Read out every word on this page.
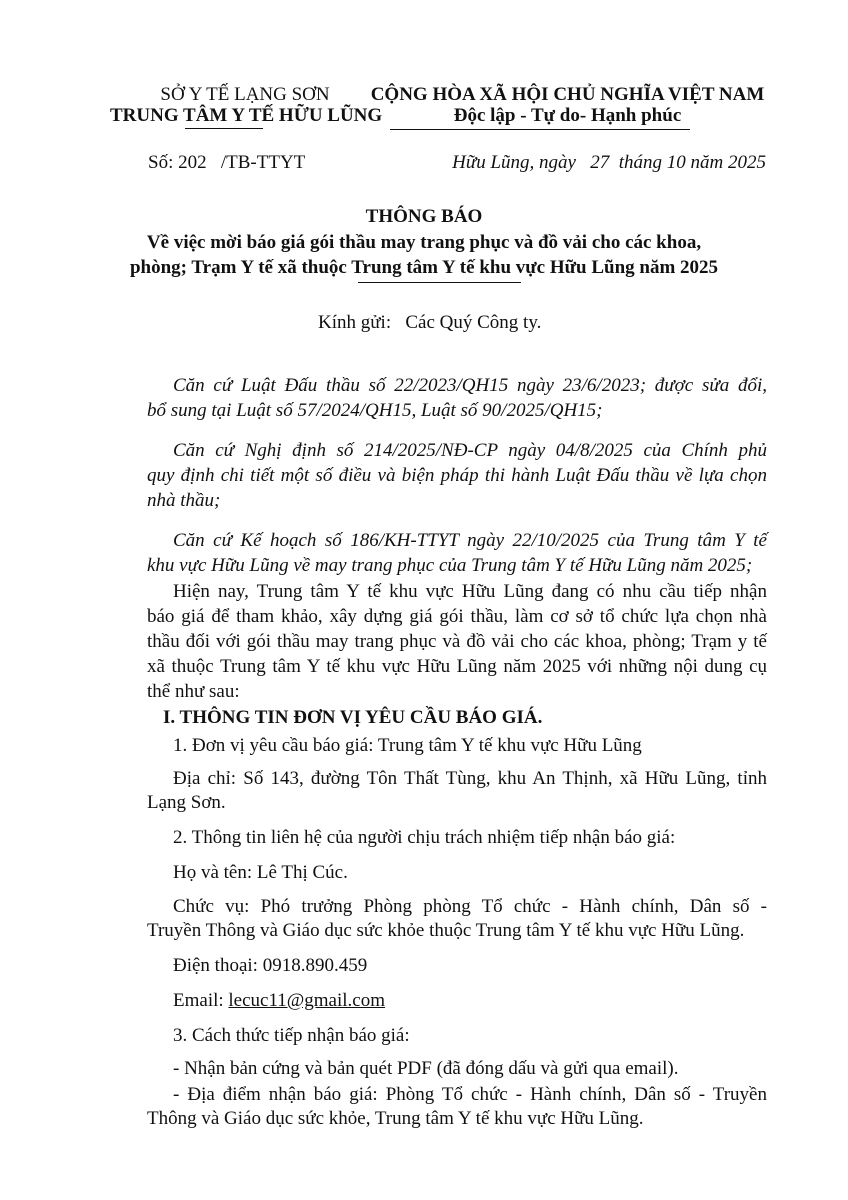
SỞ Y TẾ LẠNG SƠN
TRUNG TÂM Y TẾ HỮU LŨNG
CỘNG HÒA XÃ HỘI CHỦ NGHĨA VIỆT NAM
Độc lập - Tự do- Hạnh phúc
Số: 202   /TB-TTYT	Hữu Lũng, ngày   27  tháng 10 năm 2025
THÔNG BÁO
Về việc mời báo giá gói thầu may trang phục và đồ vải cho các khoa,
phòng; Trạm Y tế xã thuộc Trung tâm Y tế khu vực Hữu Lũng năm 2025
Kính gửi:   Các Quý Công ty.
Căn cứ Luật Đấu thầu số 22/2023/QH15 ngày 23/6/2023; được sửa đổi,
bổ sung tại Luật số 57/2024/QH15, Luật số 90/2025/QH15;
Căn cứ Nghị định số 214/2025/NĐ-CP ngày 04/8/2025 của Chính phủ
quy định chi tiết một số điều và biện pháp thi hành Luật Đấu thầu về lựa chọn
nhà thầu;
Căn cứ Kế hoạch số 186/KH-TTYT ngày 22/10/2025 của Trung tâm Y tế
khu vực Hữu Lũng về may trang phục của Trung tâm Y tế Hữu Lũng năm 2025;
Hiện nay, Trung tâm Y tế khu vực Hữu Lũng đang có nhu cầu tiếp nhận
báo giá để tham khảo, xây dựng giá gói thầu, làm cơ sở tổ chức lựa chọn nhà
thầu đối với gói thầu may trang phục và đồ vải cho các khoa, phòng; Trạm y tế
xã thuộc Trung tâm Y tế khu vực Hữu Lũng năm 2025 với những nội dung cụ
thể như sau:
I. THÔNG TIN ĐƠN VỊ YÊU CẦU BÁO GIÁ.
1. Đơn vị yêu cầu báo giá: Trung tâm Y tế khu vực Hữu Lũng
Địa chỉ: Số 143, đường Tôn Thất Tùng, khu An Thịnh, xã Hữu Lũng, tỉnh
Lạng Sơn.
2. Thông tin liên hệ của người chịu trách nhiệm tiếp nhận báo giá:
Họ và tên: Lê Thị Cúc.
Chức vụ: Phó trưởng Phòng phòng Tổ chức - Hành chính, Dân số -
Truyền Thông và Giáo dục sức khỏe thuộc Trung tâm Y tế khu vực Hữu Lũng.
Điện thoại: 0918.890.459
Email: lecuc11@gmail.com
3. Cách thức tiếp nhận báo giá:
- Nhận bản cứng và bản quét PDF (đã đóng dấu và gửi qua email).
- Địa điểm nhận báo giá: Phòng Tổ chức - Hành chính, Dân số - Truyền
Thông và Giáo dục sức khỏe, Trung tâm Y tế khu vực Hữu Lũng.
